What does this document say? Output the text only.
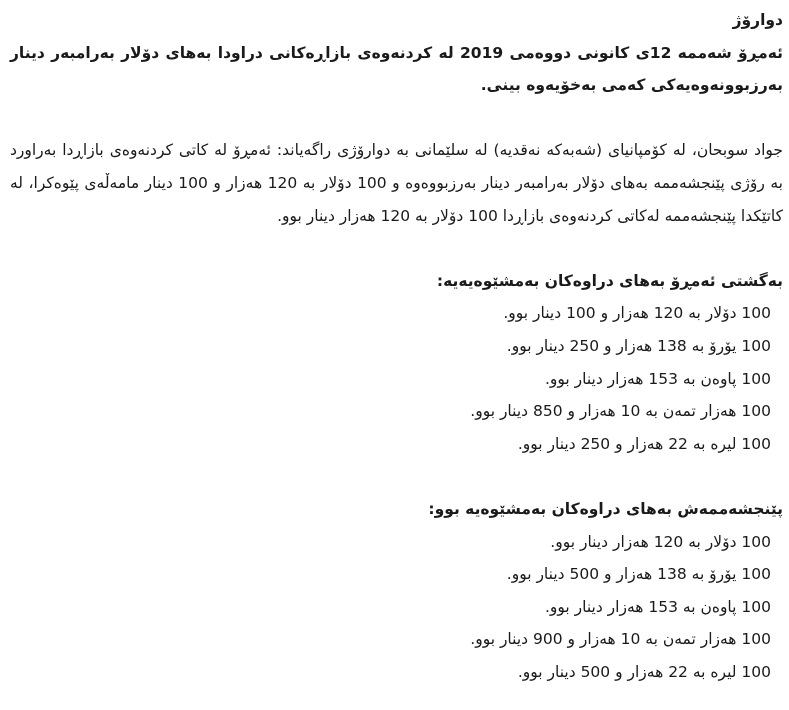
دوارۆژ

ئەمڕۆ شەممە 12ی کانونی دووەمی 2019 لە کردنەوەی بازاڕەکانی دراودا بەهای دۆلار بەرامبەر دینار بەرزبوونەوەیەکی کەمی بەخۆیەوە بینی.

جواد سوبحان، لە کۆمپانیای (شەبەکە نەقدیە) لە سلێمانی بە دوارۆژی راگەیاند: ئەمڕۆ لە کاتی کردنەوەی بازاڕدا بەراورد بە رۆژی پێنجشەممە بەهای دۆلار بەرامبەر دینار بەرزبووەوە و 100 دۆلار بە 120 هەزار و 100 دینار مامەڵەی پێوەکرا، لە کاتێکدا پێنجشەممە لەکاتی کردنەوەی بازاڕدا 100 دۆلار بە 120 هەزار دینار بوو.

بەگشتی ئەمڕۆ بەهای دراوەکان بەمشێوەیەیە:

100 دۆلار بە 120 هەزار و 100 دینار بوو.

100 یۆرۆ بە 138 هەزار و 250 دینار بوو.

100 پاوەن بە 153 هەزار دینار بوو.

100 هەزار تمەن بە 10 هەزار و 850 دینار بوو.

100 لیرە بە 22 هەزار و 250 دینار بوو.

پێنجشەممەش بەهای دراوەکان بەمشێوەیە بوو:

100 دۆلار بە 120 هەزار دینار بوو.

100 یۆرۆ بە 138 هەزار و 500 دینار بوو.

100 پاوەن بە 153 هەزار دینار بوو.

100 هەزار تمەن بە 10 هەزار و 900 دینار بوو.

100 لیرە بە 22 هەزار و 500 دینار بوو.
